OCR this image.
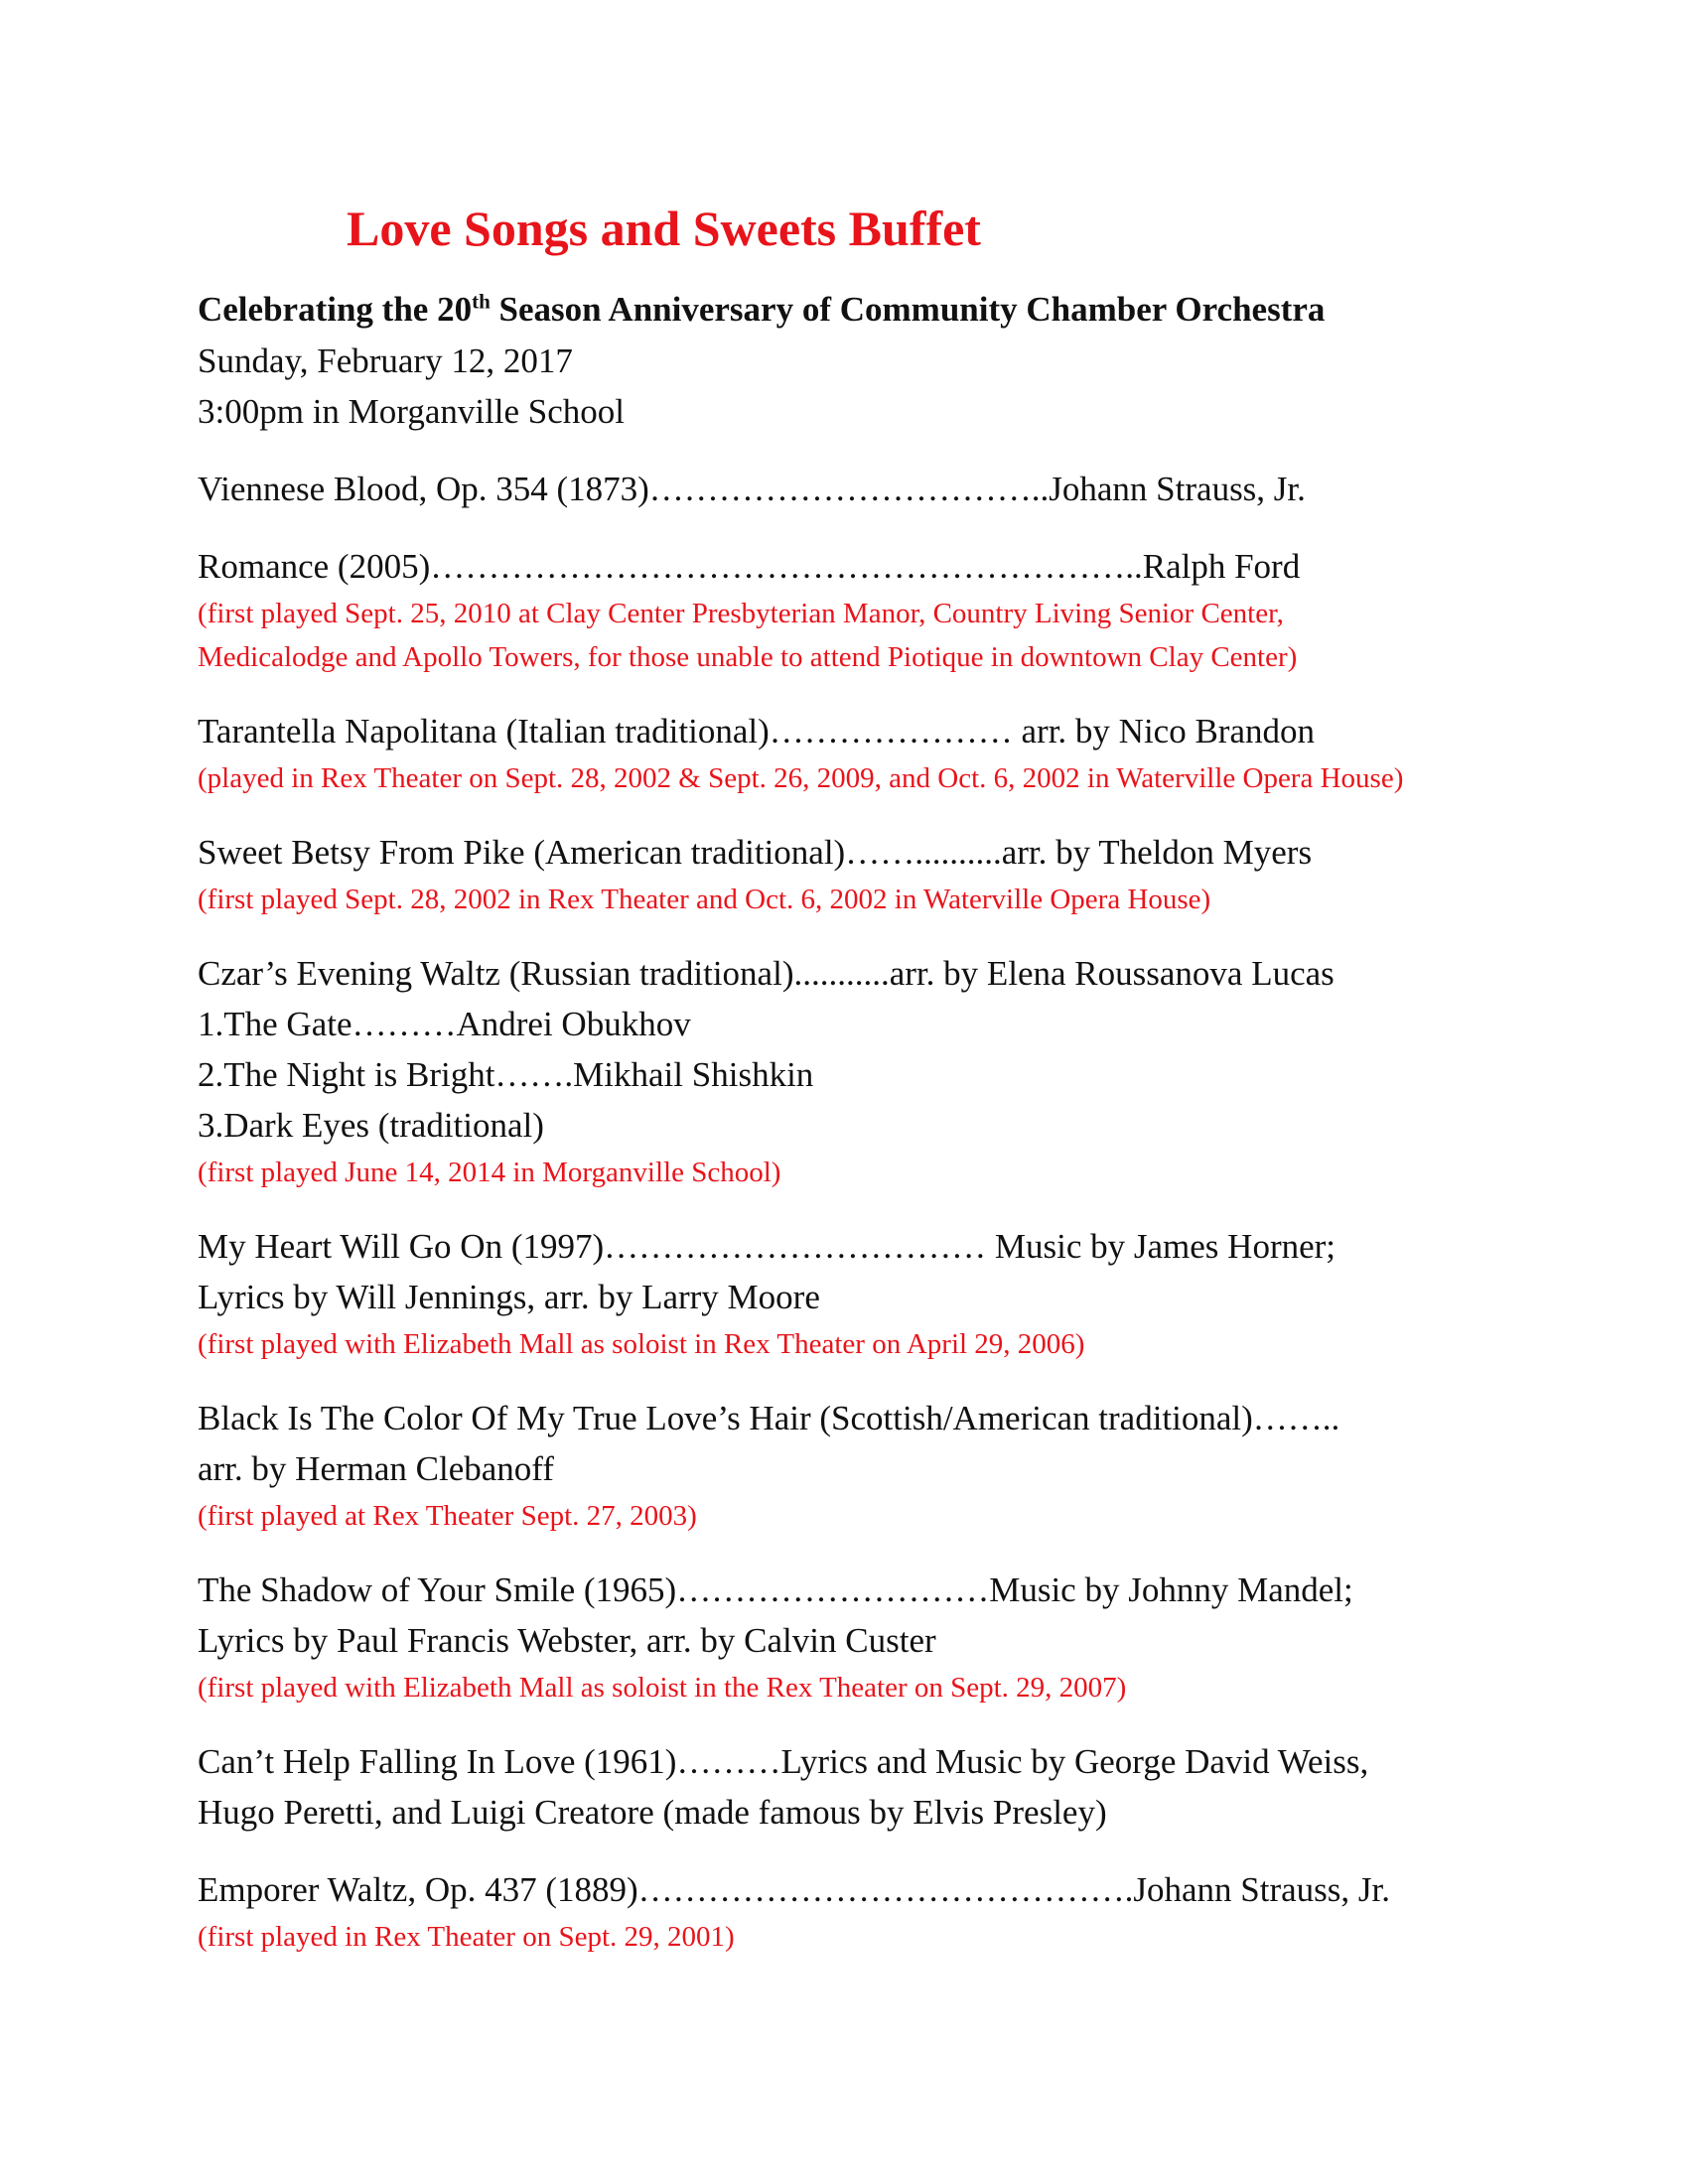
Love Songs and Sweets Buffet
Celebrating the 20th Season Anniversary of Community Chamber Orchestra
Sunday, February 12, 2017
3:00pm in Morganville School
Viennese Blood, Op. 354 (1873)……………………………..Johann Strauss, Jr.
Romance (2005)……………………………………………………..Ralph Ford
(first played Sept. 25, 2010 at Clay Center Presbyterian Manor, Country Living Senior Center,
Medicalodge and Apollo Towers, for those unable to attend Piotique in downtown Clay Center)
Tarantella Napolitana (Italian traditional)………………… arr. by Nico Brandon
(played in Rex Theater on Sept. 28, 2002 & Sept. 26, 2009, and Oct. 6, 2002 in Waterville Opera House)
Sweet Betsy From Pike (American traditional)……..........arr. by Theldon Myers
(first played Sept. 28, 2002 in Rex Theater and Oct. 6, 2002 in Waterville Opera House)
Czar’s Evening Waltz (Russian traditional)...........arr. by Elena Roussanova Lucas
1.The Gate………Andrei Obukhov
2.The Night is Bright…….Mikhail Shishkin
3.Dark Eyes (traditional)
(first played June 14, 2014 in Morganville School)
My Heart Will Go On (1997)…………………………… Music by James Horner;
Lyrics by Will Jennings, arr. by Larry Moore
(first played with Elizabeth Mall as soloist in Rex Theater on April 29, 2006)
Black Is The Color Of My True Love’s Hair (Scottish/American traditional)……..
arr. by Herman Clebanoff
(first played at Rex Theater Sept. 27, 2003)
The Shadow of Your Smile (1965)………………………Music by Johnny Mandel;
Lyrics by Paul Francis Webster, arr. by Calvin Custer
(first played with Elizabeth Mall as soloist in the Rex Theater on Sept. 29, 2007)
Can’t Help Falling In Love (1961)………Lyrics and Music by George David Weiss,
Hugo Peretti, and Luigi Creatore (made famous by Elvis Presley)
Emporer Waltz, Op. 437 (1889)…………………………………….Johann Strauss, Jr.
(first played in Rex Theater on Sept. 29, 2001)
